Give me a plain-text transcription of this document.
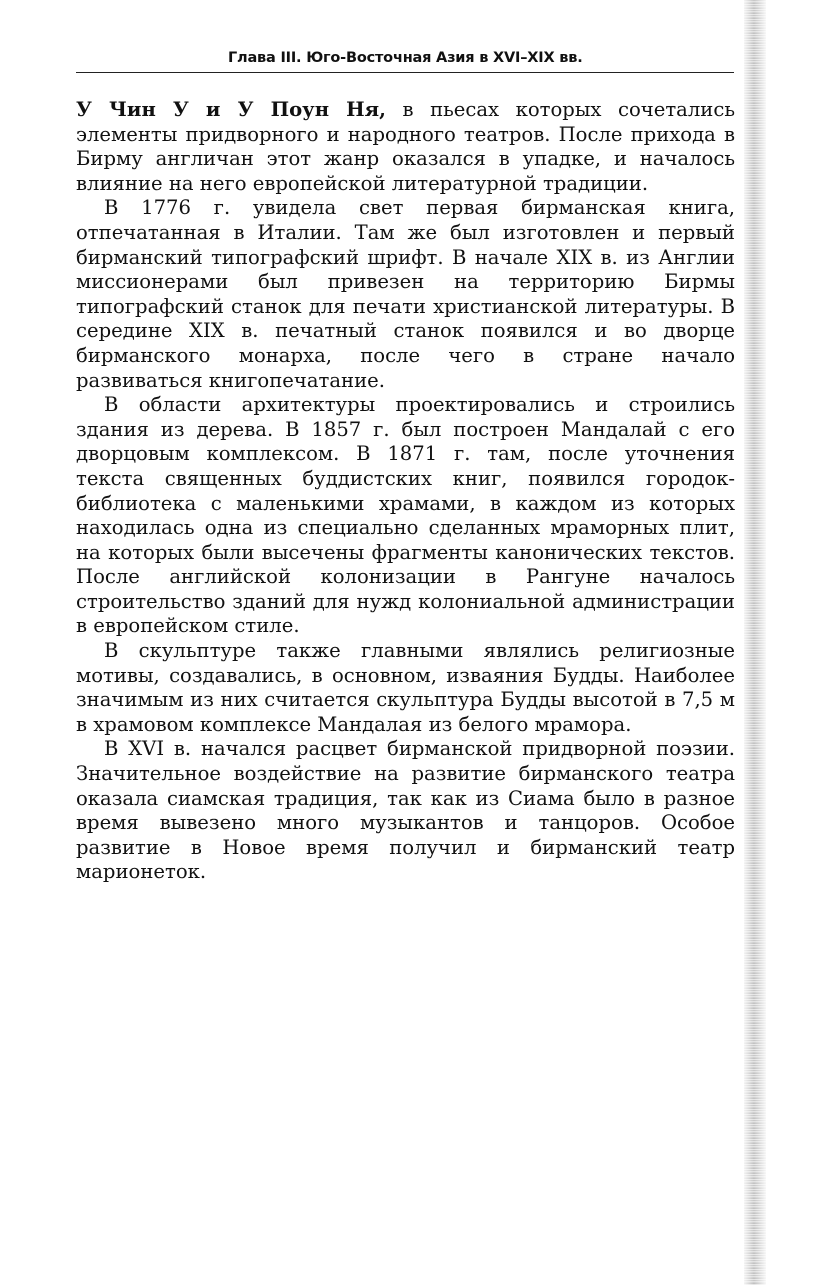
Глава III. Юго-Восточная Азия в XVI–XIX вв.

У Чин У и У Поун Ня, в пьесах которых сочетались элементы придворного и народного театров. После прихода в Бирму англичан этот жанр оказался в упадке, и началось влияние на него европейской литературной традиции.

В 1776 г. увидела свет первая бирманская книга, отпечатанная в Италии. Там же был изготовлен и первый бирманский типографский шрифт. В начале XIX в. из Англии миссионерами был привезен на территорию Бирмы типографский станок для печати христианской литературы. В середине XIX в. печатный станок появился и во дворце бирманского монарха, после чего в стране начало развиваться книгопечатание.

В области архитектуры проектировались и строились здания из дерева. В 1857 г. был построен Мандалай с его дворцовым комплексом. В 1871 г. там, после уточнения текста священных буддистских книг, появился городок-библиотека с маленькими храмами, в каждом из которых находилась одна из специально сделанных мраморных плит, на которых были высечены фрагменты канонических текстов. После английской колонизации в Рангуне началось строительство зданий для нужд колониальной администрации в европейском стиле.

В скульптуре также главными являлись религиозные мотивы, создавались, в основном, изваяния Будды. Наиболее значимым из них считается скульптура Будды высотой в 7,5 м в храмовом комплексе Мандалая из белого мрамора.

В XVI в. начался расцвет бирманской придворной поэзии. Значительное воздействие на развитие бирманского театра оказала сиамская традиция, так как из Сиама было в разное время вывезено много музыкантов и танцоров. Особое развитие в Новое время получил и бирманский театр марионеток.
